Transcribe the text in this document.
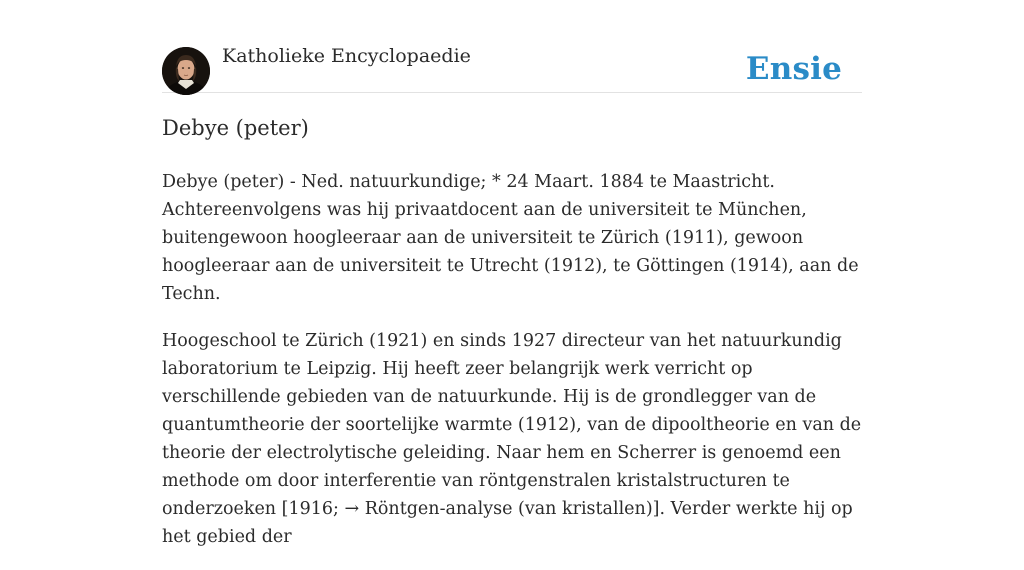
Katholieke Encyclopaedie	Ensie
Debye (peter)

Debye (peter) - Ned. natuurkundige; * 24 Maart. 1884 te Maastricht. Achtereenvolgens was hij privaatdocent aan de universiteit te München, buitengewoon hoogleeraar aan de universiteit te Zürich (1911), gewoon hoogleeraar aan de universiteit te Utrecht (1912), te Göttingen (1914), aan de Techn.

Hoogeschool te Zürich (1921) en sinds 1927 directeur van het natuurkundig laboratorium te Leipzig. Hij heeft zeer belangrijk werk verricht op verschillende gebieden van de natuurkunde. Hij is de grondlegger van de quantumtheorie der soortelijke warmte (1912), van de dipooltheorie en van de theorie der electrolytische geleiding. Naar hem en Scherrer is genoemd een methode om door interferentie van röntgenstralen kristalstructuren te onderzoeken [1916; → Röntgen-analyse (van kristallen)]. Verder werkte hij op het gebied der
